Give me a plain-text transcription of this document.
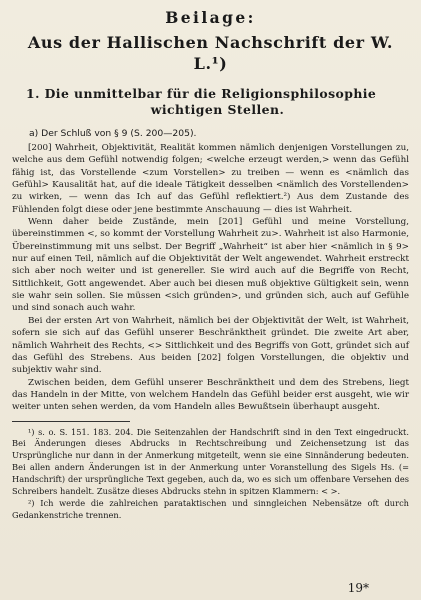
Beilage:
Aus der Hallischen Nachschrift der W. L.¹)
1. Die unmittelbar für die Religionsphilosophie
wichtigen Stellen.
a) Der Schluß von § 9 (S. 200—205).

[200] Wahrheit, Objektivität, Realität kommen nämlich denjenigen Vorstellungen zu, welche aus dem Gefühl notwendig folgen; <welche erzeugt werden,> wenn das Gefühl fähig ist, das Vorstellende <zum Vorstellen> zu treiben — wenn es <nämlich das Gefühl> Kausalität hat, auf die ideale Tätigkeit desselben <nämlich des Vorstellenden> zu wirken, — wenn das Ich auf das Gefühl reflektiert.²) Aus dem Zustande des Fühlenden folgt diese oder jene bestimmte Anschauung — dies ist Wahrheit.

Wenn daher beide Zustände, mein [201] Gefühl und meine Vorstellung, übereinstimmen <, so kommt der Vorstellung Wahrheit zu>. Wahrheit ist also Harmonie, Übereinstimmung mit uns selbst. Der Begriff „Wahrheit“ ist aber hier <nämlich in § 9> nur auf einen Teil, nämlich auf die Objektivität der Welt angewendet. Wahrheit erstreckt sich aber noch weiter und ist genereller. Sie wird auch auf die Begriffe von Recht, Sittlichkeit, Gott angewendet. Aber auch bei diesen muß objektive Gültigkeit sein, wenn sie wahr sein sollen. Sie müssen <sich gründen>, und gründen sich, auch auf Gefühle und sind sonach auch wahr.

Bei der ersten Art von Wahrheit, nämlich bei der Objektivität der Welt, ist Wahrheit, sofern sie sich auf das Gefühl unserer Beschränktheit gründet. Die zweite Art aber, nämlich Wahrheit des Rechts, <> Sittlichkeit und des Begriffs von Gott, gründet sich auf das Gefühl des Strebens. Aus beiden [202] folgen Vorstellungen, die objektiv und subjektiv wahr sind.

Zwischen beiden, dem Gefühl unserer Beschränktheit und dem des Strebens, liegt das Handeln in der Mitte, von welchem Handeln das Gefühl beider erst ausgeht, wie wir weiter unten sehen werden, da vom Handeln alles Bewußtsein überhaupt ausgeht.

¹) s. o. S. 151. 183. 204. Die Seitenzahlen der Handschrift sind in den Text eingedruckt. Bei Änderungen dieses Abdrucks in Rechtschreibung und Zeichensetzung ist das Ursprüngliche nur dann in der Anmerkung mitgeteilt, wenn sie eine Sinnänderung bedeuten. Bei allen andern Änderungen ist in der Anmerkung unter Voranstellung des Sigels Hs. (= Handschrift) der ursprüngliche Text gegeben, auch da, wo es sich um offenbare Versehen des Schreibers handelt. Zusätze dieses Abdrucks stehn in spitzen Klammern: < >.

²) Ich werde die zahlreichen parataktischen und sinngleichen Nebensätze oft durch Gedankenstriche trennen.

19*
